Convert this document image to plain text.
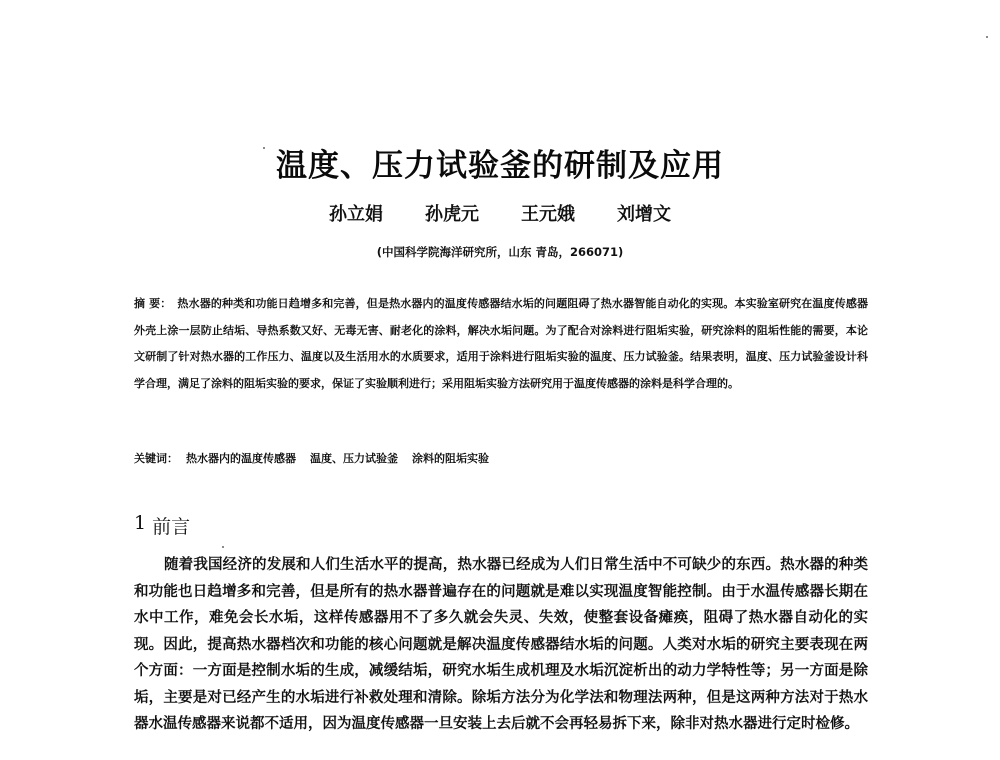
温度、压力试验釜的研制及应用
孙立娟 孙虎元 王元娥 刘增文
(中国科学院海洋研究所，山东 青岛，266071)
摘 要： 热水器的种类和功能日趋增多和完善，但是热水器内的温度传感器结水垢的问题阻碍了热水器智能自动化的实现。本实验室研究在温度传感器外壳上涂一层防止结垢、导热系数又好、无毒无害、耐老化的涂料，解决水垢问题。为了配合对涂料进行阻垢实验，研究涂料的阻垢性能的需要，本论文研制了针对热水器的工作压力、温度以及生活用水的水质要求，适用于涂料进行阻垢实验的温度、压力试验釜。结果表明，温度、压力试验釜设计科学合理，满足了涂料的阻垢实验的要求，保证了实验顺利进行；采用阻垢实验方法研究用于温度传感器的涂料是科学合理的。
关键词： 热水器内的温度传感器 温度、压力试验釜 涂料的阻垢实验
1 前言
随着我国经济的发展和人们生活水平的提高，热水器已经成为人们日常生活中不可缺少的东西。热水器的种类和功能也日趋增多和完善，但是所有的热水器普遍存在的问题就是难以实现温度智能控制。由于水温传感器长期在水中工作，难免会长水垢，这样传感器用不了多久就会失灵、失效，使整套设备瘫痪，阻碍了热水器自动化的实现。因此，提高热水器档次和功能的核心问题就是解决温度传感器结水垢的问题。人类对水垢的研究主要表现在两个方面：一方面是控制水垢的生成，减缓结垢，研究水垢生成机理及水垢沉淀析出的动力学特性等；另一方面是除垢，主要是对已经产生的水垢进行补救处理和清除。除垢方法分为化学法和物理法两种，但是这两种方法对于热水器水温传感器来说都不适用，因为温度传感器一旦安装上去后就不会再轻易拆下来，除非对热水器进行定时检修。
